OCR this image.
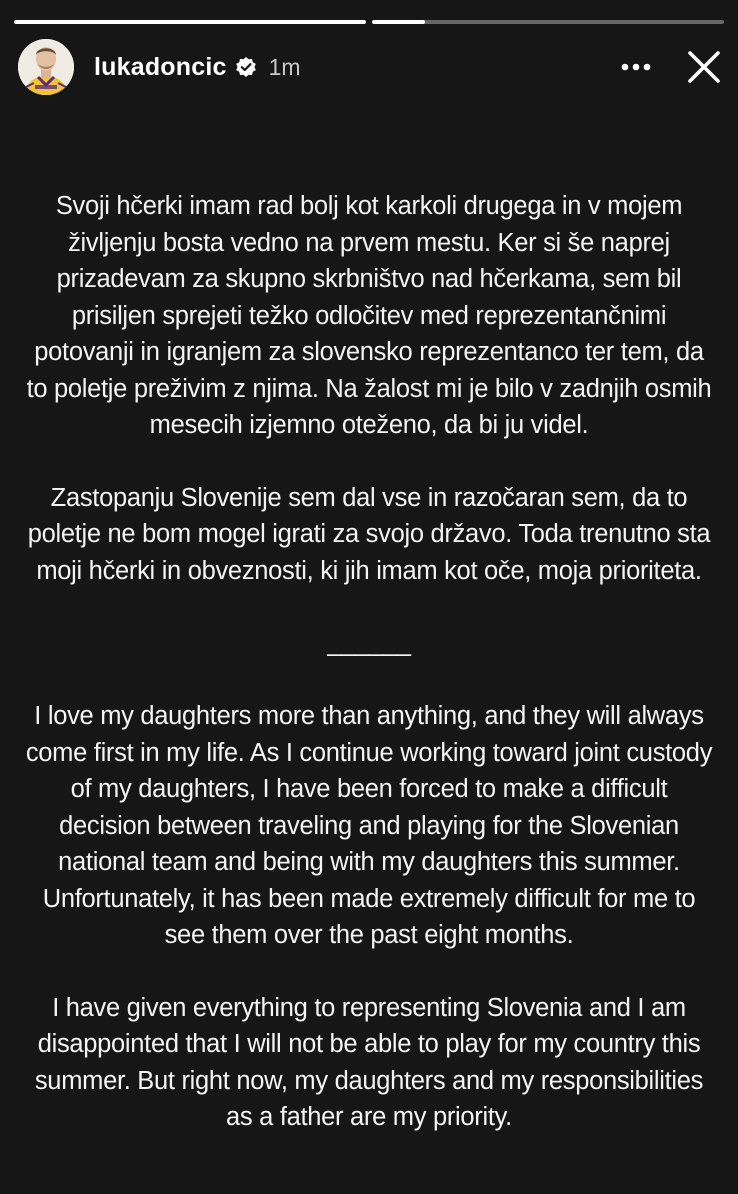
lukadoncic 1m

Svoji hčerki imam rad bolj kot karkoli drugega in v mojem življenju bosta vedno na prvem mestu. Ker si še naprej prizadevam za skupno skrbništvo nad hčerkama, sem bil prisiljen sprejeti težko odločitev med reprezentančnimi potovanji in igranjem za slovensko reprezentanco ter tem, da to poletje preživim z njima. Na žalost mi je bilo v zadnjih osmih mesecih izjemno oteženo, da bi ju videl.

Zastopanju Slovenije sem dal vse in razočaran sem, da to poletje ne bom mogel igrati za svojo državo. Toda trenutno sta moji hčerki in obveznosti, ki jih imam kot oče, moja prioriteta.

______

I love my daughters more than anything, and they will always come first in my life. As I continue working toward joint custody of my daughters, I have been forced to make a difficult decision between traveling and playing for the Slovenian national team and being with my daughters this summer. Unfortunately, it has been made extremely difficult for me to see them over the past eight months.

I have given everything to representing Slovenia and I am disappointed that I will not be able to play for my country this summer. But right now, my daughters and my responsibilities as a father are my priority.
